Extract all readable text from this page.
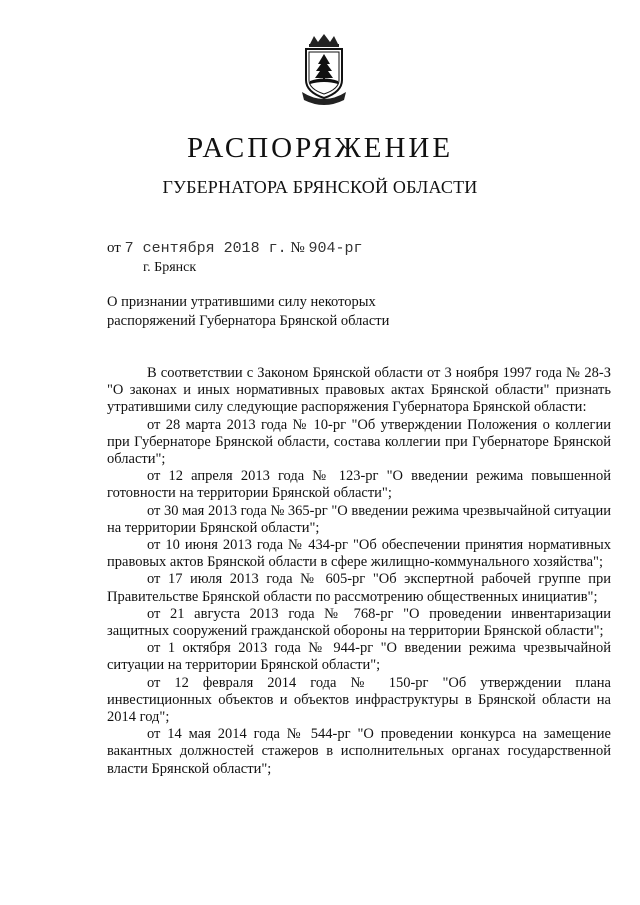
РАСПОРЯЖЕНИЕ
ГУБЕРНАТОРА БРЯНСКОЙ ОБЛАСТИ
от 7 сентября 2018 г. № 904-рг
г. Брянск
О признании утратившими силу некоторых
распоряжений Губернатора Брянской области

В соответствии с Законом Брянской области от 3 ноября 1997 года № 28-З "О законах и иных нормативных правовых актах Брянской области" признать утратившими силу следующие распоряжения Губернатора Брянской области:

от 28 марта 2013 года № 10-рг "Об утверждении Положения о коллегии при Губернаторе Брянской области, состава коллегии при Губернаторе Брянской области";

от 12 апреля 2013 года № 123-рг "О введении режима повышенной готовности на территории Брянской области";

от 30 мая 2013 года № 365-рг "О введении режима чрезвычайной ситуации на территории Брянской области";

от 10 июня 2013 года № 434-рг "Об обеспечении принятия нормативных правовых актов Брянской области в сфере жилищно-коммунального хозяйства";

от 17 июля 2013 года № 605-рг "Об экспертной рабочей группе при Правительстве Брянской области по рассмотрению общественных инициатив";

от 21 августа 2013 года № 768-рг "О проведении инвентаризации защитных сооружений гражданской обороны на территории Брянской области";

от 1 октября 2013 года № 944-рг "О введении режима чрезвычайной ситуации на территории Брянской области";

от 12 февраля 2014 года № 150-рг "Об утверждении плана инвестиционных объектов и объектов инфраструктуры в Брянской области на 2014 год";

от 14 мая 2014 года № 544-рг "О проведении конкурса на замещение вакантных должностей стажеров в исполнительных органах государственной власти Брянской области";
